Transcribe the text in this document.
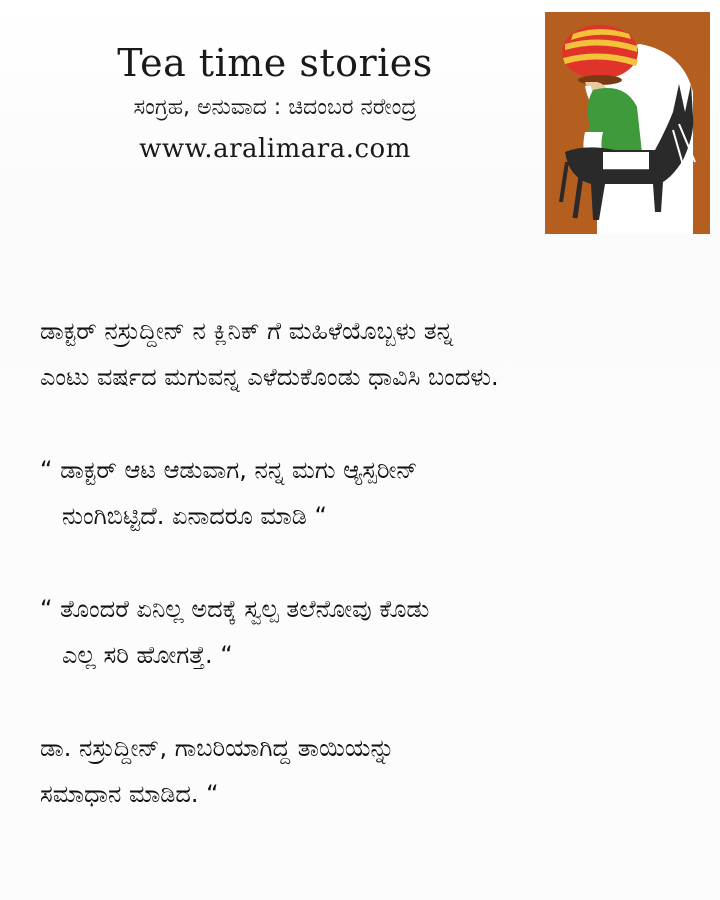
Tea time stories
ಸಂಗ್ರಹ, ಅನುವಾದ : ಚಿದಂಬರ ನರೇಂದ್ರ
www.aralimara.com

ಡಾಕ್ಟರ್ ನಸ್ರುದ್ದೀನ್ ನ ಕ್ಲಿನಿಕ್ ಗೆ ಮಹಿಳೆಯೊಬ್ಬಳು ತನ್ನ
ಎಂಟು ವರ್ಷದ ಮಗುವನ್ನ ಎಳೆದುಕೊಂಡು ಧಾವಿಸಿ ಬಂದಳು.

“ ಡಾಕ್ಟರ್ ಆಟ ಆಡುವಾಗ, ನನ್ನ ಮಗು ಆ್ಯಸ್ಪರೀನ್
ನುಂಗಿಬಿಟ್ಟಿದೆ. ಏನಾದರೂ ಮಾಡಿ “

“ ತೊಂದರೆ ಏನಿಲ್ಲ ಅದಕ್ಕೆ ಸ್ವಲ್ಪ ತಲೆನೋವು ಕೊಡು
ಎಲ್ಲ ಸರಿ ಹೋಗತ್ತೆ. “

ಡಾ. ನಸ್ರುದ್ದೀನ್, ಗಾಬರಿಯಾಗಿದ್ದ ತಾಯಿಯನ್ನು
ಸಮಾಧಾನ ಮಾಡಿದ. “
